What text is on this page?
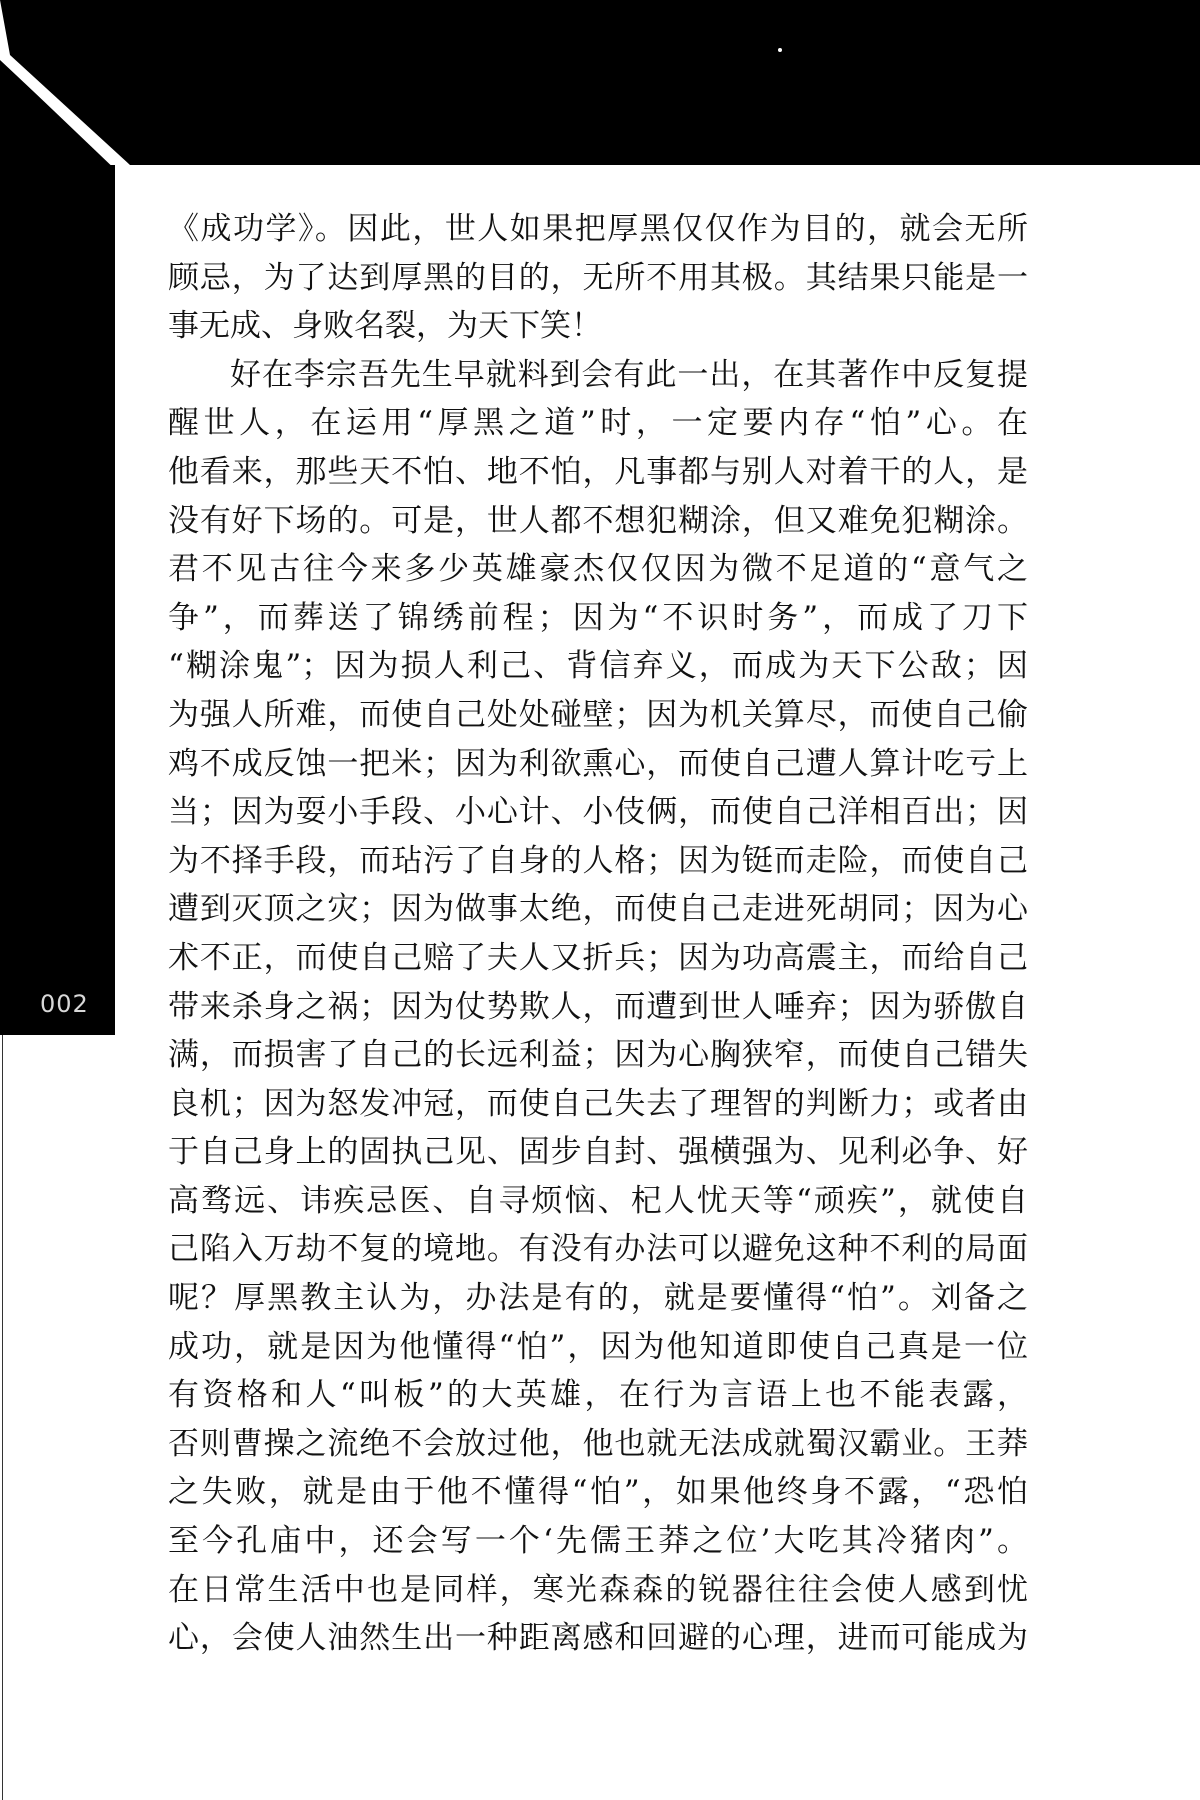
002

《成功学》。因此，世人如果把厚黑仅仅作为目的，就会无所

顾忌，为了达到厚黑的目的，无所不用其极。其结果只能是一

事无成、身败名裂，为天下笑！

好在李宗吾先生早就料到会有此一出，在其著作中反复提

醒世人，在运用“厚黑之道”时，一定要内存“怕”心。在

他看来，那些天不怕、地不怕，凡事都与别人对着干的人，是

没有好下场的。可是，世人都不想犯糊涂，但又难免犯糊涂。

君不见古往今来多少英雄豪杰仅仅因为微不足道的“意气之

争”，而葬送了锦绣前程；因为“不识时务”，而成了刀下

“糊涂鬼”；因为损人利己、背信弃义，而成为天下公敌；因

为强人所难，而使自己处处碰壁；因为机关算尽，而使自己偷

鸡不成反蚀一把米；因为利欲熏心，而使自己遭人算计吃亏上

当；因为耍小手段、小心计、小伎俩，而使自己洋相百出；因

为不择手段，而玷污了自身的人格；因为铤而走险，而使自己

遭到灭顶之灾；因为做事太绝，而使自己走进死胡同；因为心

术不正，而使自己赔了夫人又折兵；因为功高震主，而给自己

带来杀身之祸；因为仗势欺人，而遭到世人唾弃；因为骄傲自

满，而损害了自己的长远利益；因为心胸狭窄，而使自己错失

良机；因为怒发冲冠，而使自己失去了理智的判断力；或者由

于自己身上的固执己见、固步自封、强横强为、见利必争、好

高骛远、讳疾忌医、自寻烦恼、杞人忧天等“顽疾”，就使自

己陷入万劫不复的境地。有没有办法可以避免这种不利的局面

呢？厚黑教主认为，办法是有的，就是要懂得“怕”。刘备之

成功，就是因为他懂得“怕”，因为他知道即使自己真是一位

有资格和人“叫板”的大英雄，在行为言语上也不能表露，

否则曹操之流绝不会放过他，他也就无法成就蜀汉霸业。王莽

之失败，就是由于他不懂得“怕”，如果他终身不露，“恐怕

至今孔庙中，还会写一个‘先儒王莽之位’大吃其冷猪肉”。

在日常生活中也是同样，寒光森森的锐器往往会使人感到忧

心，会使人油然生出一种距离感和回避的心理，进而可能成为
